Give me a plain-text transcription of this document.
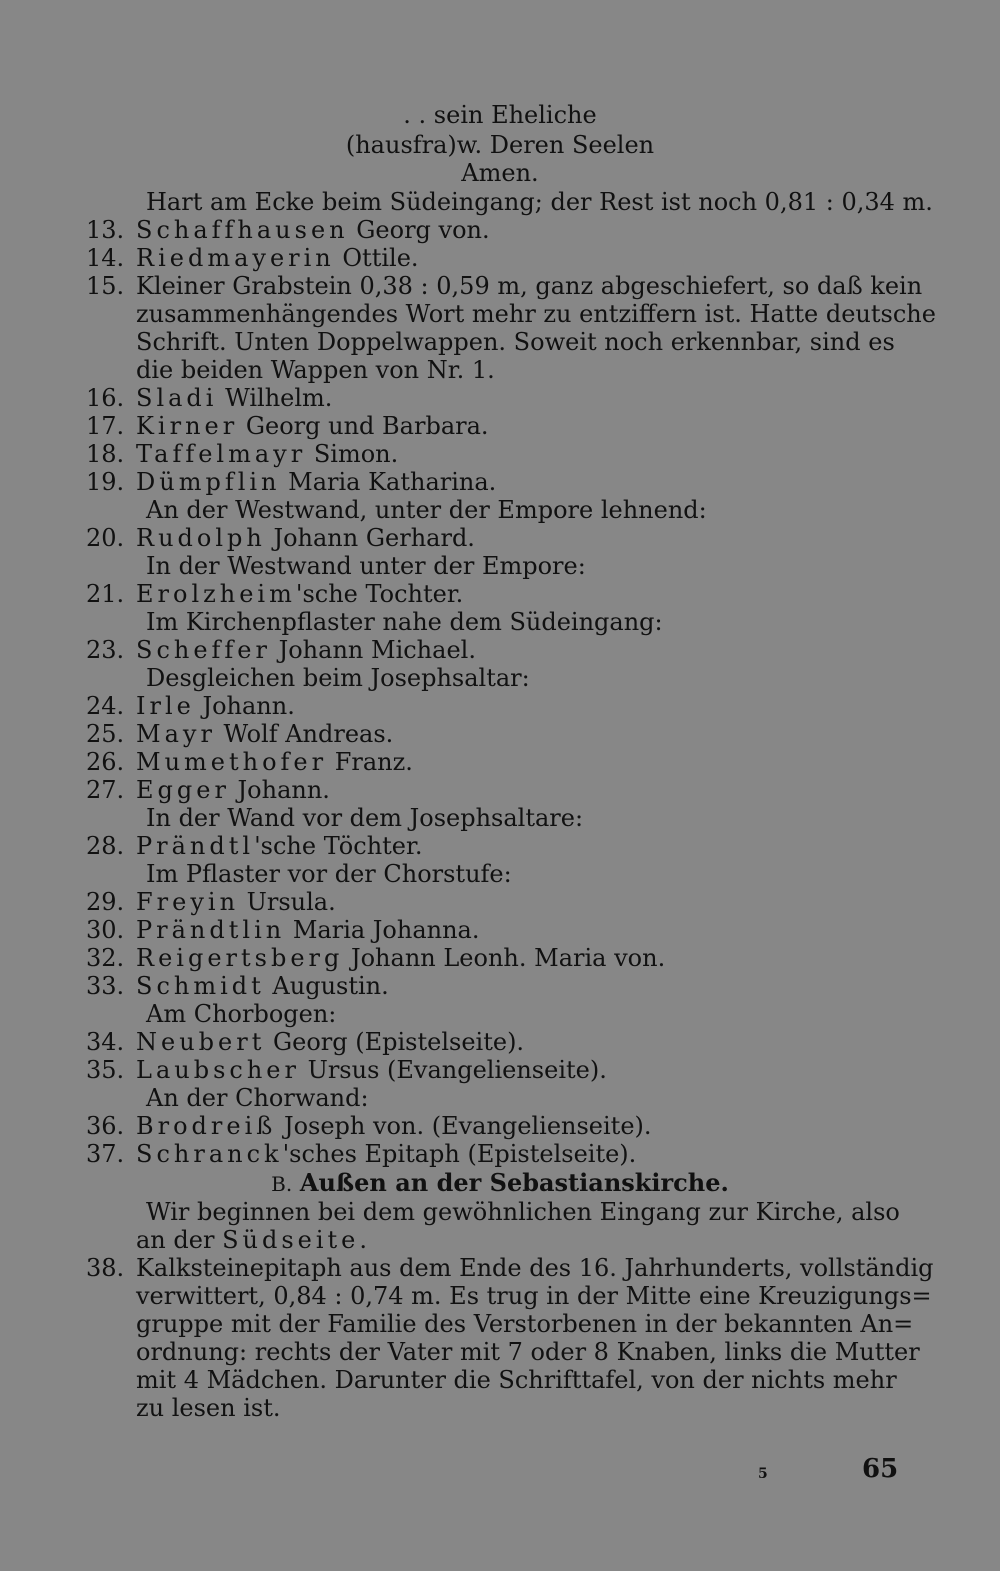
. . sein Eheliche
(hausfra)w. Deren Seelen
Amen.
Hart am Ecke beim Südeingang; der Rest ist noch 0,81 : 0,34 m.
13. Schaffhausen Georg von.
14. Riedmayerin Ottile.
15. Kleiner Grabstein 0,38 : 0,59 m, ganz abgeschiefert, so daß kein
zusammenhängendes Wort mehr zu entziffern ist. Hatte deutsche
Schrift. Unten Doppelwappen. Soweit noch erkennbar, sind es
die beiden Wappen von Nr. 1.
16. Sladi Wilhelm.
17. Kirner Georg und Barbara.
18. Taffelmayr Simon.
19. Dümpflin Maria Katharina.
An der Westwand, unter der Empore lehnend:
20. Rudolph Johann Gerhard.
In der Westwand unter der Empore:
21. Erolzheim'sche Tochter.
Im Kirchenpflaster nahe dem Südeingang:
23. Scheffer Johann Michael.
Desgleichen beim Josephsaltar:
24. Irle Johann.
25. Mayr Wolf Andreas.
26. Mumethofer Franz.
27. Egger Johann.
In der Wand vor dem Josephsaltare:
28. Prändtl'sche Töchter.
Im Pflaster vor der Chorstufe:
29. Freyin Ursula.
30. Prändtlin Maria Johanna.
32. Reigertsberg Johann Leonh. Maria von.
33. Schmidt Augustin.
Am Chorbogen:
34. Neubert Georg (Epistelseite).
35. Laubscher Ursus (Evangelienseite).
An der Chorwand:
36. Brodreiß Joseph von. (Evangelienseite).
37. Schranck'sches Epitaph (Epistelseite).
B. Außen an der Sebastianskirche.
Wir beginnen bei dem gewöhnlichen Eingang zur Kirche, also
an der Südseite.
38. Kalksteinepitaph aus dem Ende des 16. Jahrhunderts, vollständig
verwittert, 0,84 : 0,74 m. Es trug in der Mitte eine Kreuzigungs=
gruppe mit der Familie des Verstorbenen in der bekannten An=
ordnung: rechts der Vater mit 7 oder 8 Knaben, links die Mutter
mit 4 Mädchen. Darunter die Schrifttafel, von der nichts mehr
zu lesen ist.
5	65
